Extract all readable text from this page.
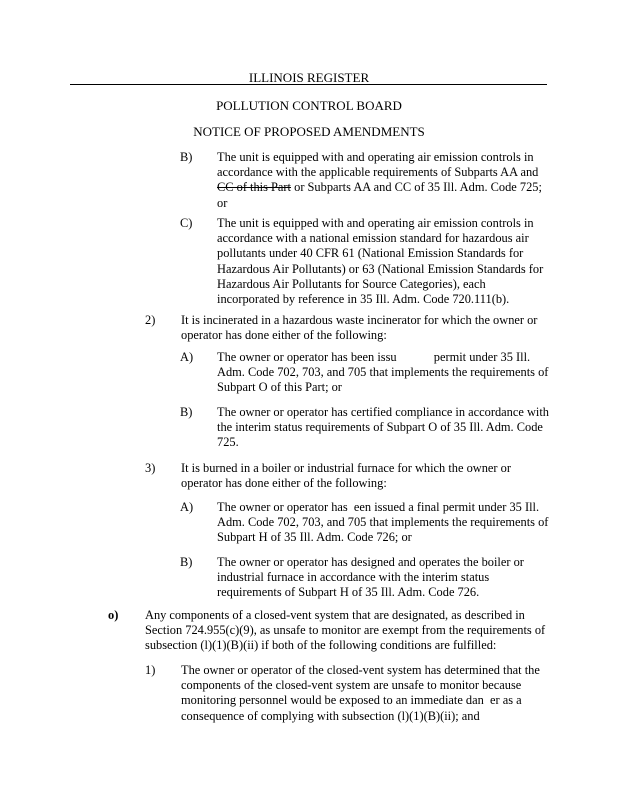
ILLINOIS REGISTER
POLLUTION CONTROL BOARD
NOTICE OF PROPOSED AMENDMENTS
B) The unit is equipped with and operating air emission controls in
accordance with the applicable requirements of Subparts AA and
CC of this Part or Subparts AA and CC of 35 Ill. Adm. Code 725;
or
C) The unit is equipped with and operating air emission controls in
accordance with a national emission standard for hazardous air
pollutants under 40 CFR 61 (National Emission Standards for
Hazardous Air Pollutants) or 63 (National Emission Standards for
Hazardous Air Pollutants for Source Categories), each
incorporated by reference in 35 Ill. Adm. Code 720.111(b).
2) It is incinerated in a hazardous waste incinerator for which the owner or
operator has done either of the following:
A) The owner or operator has been issu            permit under 35 Ill.
Adm. Code 702, 703, and 705 that implements the requirements of
Subpart O of this Part; or
B) The owner or operator has certified compliance in accordance with
the interim status requirements of Subpart O of 35 Ill. Adm. Code
725.
3) It is burned in a boiler or industrial furnace for which the owner or
operator has done either of the following:
A) The owner or operator has  een issued a final permit under 35 Ill.
Adm. Code 702, 703, and 705 that implements the requirements of
Subpart H of 35 Ill. Adm. Code 726; or
B) The owner or operator has designed and operates the boiler or
industrial furnace in accordance with the interim status
requirements of Subpart H of 35 Ill. Adm. Code 726.
o) Any components of a closed-vent system that are designated, as described in
Section 724.955(c)(9), as unsafe to monitor are exempt from the requirements of
subsection (l)(1)(B)(ii) if both of the following conditions are fulfilled:
1) The owner or operator of the closed-vent system has determined that the
components of the closed-vent system are unsafe to monitor because
monitoring personnel would be exposed to an immediate dan  er as a
consequence of complying with subsection (l)(1)(B)(ii); and
